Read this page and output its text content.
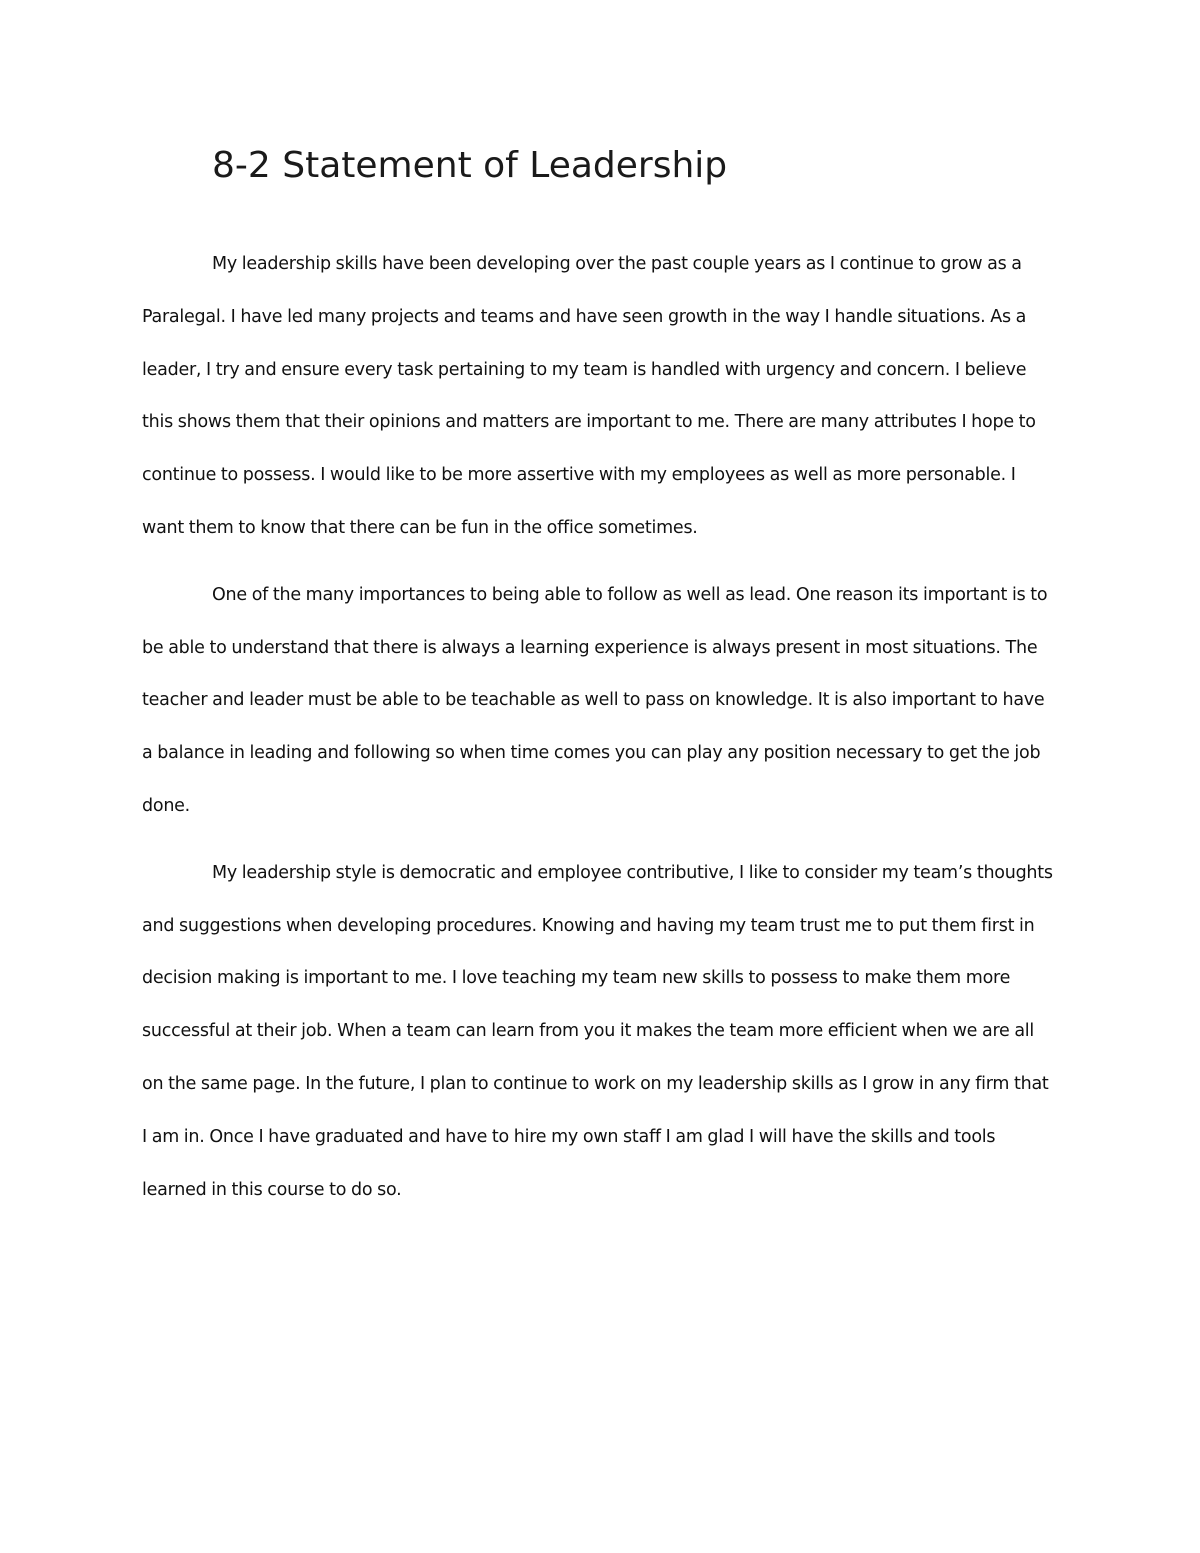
8-2 Statement of Leadership

My leadership skills have been developing over the past couple years as I continue to grow as a Paralegal. I have led many projects and teams and have seen growth in the way I handle situations. As a leader, I try and ensure every task pertaining to my team is handled with urgency and concern. I believe this shows them that their opinions and matters are important to me. There are many attributes I hope to continue to possess. I would like to be more assertive with my employees as well as more personable. I want them to know that there can be fun in the office sometimes.

One of the many importances to being able to follow as well as lead. One reason its important is to be able to understand that there is always a learning experience is always present in most situations. The teacher and leader must be able to be teachable as well to pass on knowledge. It is also important to have a balance in leading and following so when time comes you can play any position necessary to get the job done.

My leadership style is democratic and employee contributive, I like to consider my team’s thoughts and suggestions when developing procedures. Knowing and having my team trust me to put them first in decision making is important to me. I love teaching my team new skills to possess to make them more successful at their job. When a team can learn from you it makes the team more efficient when we are all on the same page. In the future, I plan to continue to work on my leadership skills as I grow in any firm that I am in. Once I have graduated and have to hire my own staff I am glad I will have the skills and tools learned in this course to do so.
